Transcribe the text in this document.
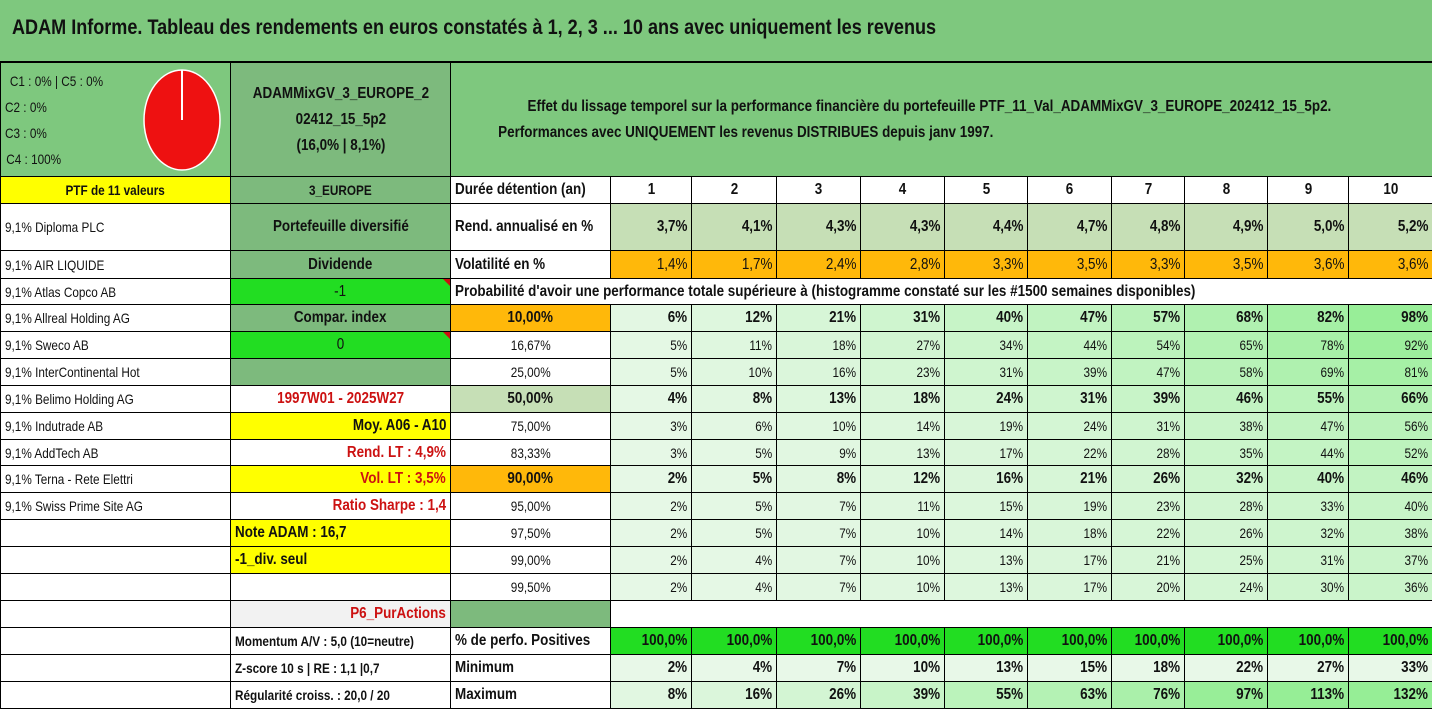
ADAM Informe. Tableau des rendements en euros constatés à 1, 2, 3 ... 10 ans avec uniquement les revenus
C1 : 0% | C5 : 0%
C2 : 0%
C3 : 0%
C4 : 100%
ADAMMixGV_3_EUROPE_2
02412_15_5p2
(16,0% | 8,1%)
Effet du lissage temporel sur la performance financière du portefeuille PTF_11_Val_ADAMMixGV_3_EUROPE_202412_15_5p2.
Performances avec UNIQUEMENT les revenus DISTRIBUES depuis janv 1997.
PTF de 11 valeurs
9,1% Diploma PLC
9,1% AIR LIQUIDE
9,1% Atlas Copco AB
9,1% Allreal Holding AG
9,1% Sweco AB
9,1% InterContinental Hot
9,1% Belimo Holding AG
9,1% Indutrade AB
9,1% AddTech AB
9,1% Terna - Rete Elettri
9,1% Swiss Prime Site AG
3_EUROPE
Portefeuille diversifié
Dividende
-1
Compar. index
0
1997W01 - 2025W27
Moy. A06 - A10
Rend. LT : 4,9%
Vol. LT : 3,5%
Ratio Sharpe : 1,4
Note ADAM : 16,7
-1_div. seul
P6_PurActions
Momentum A/V : 5,0 (10=neutre)
Z-score 10 s | RE : 1,1 |0,7
Régularité croiss. : 20,0 / 20
Durée détention (an)	1	2	3	4	5	6	7	8	9	10
Rend. annualisé en %	3,7%	4,1%	4,3%	4,3%	4,4%	4,7%	4,8%	4,9%	5,0%	5,2%
Volatilité en %	1,4%	1,7%	2,4%	2,8%	3,3%	3,5%	3,3%	3,5%	3,6%	3,6%
Probabilité d'avoir une performance totale supérieure à (histogramme constaté sur les #1500 semaines disponibles)
10,00%	6%	12%	21%	31%	40%	47%	57%	68%	82%	98%
16,67%	5%	11%	18%	27%	34%	44%	54%	65%	78%	92%
25,00%	5%	10%	16%	23%	31%	39%	47%	58%	69%	81%
50,00%	4%	8%	13%	18%	24%	31%	39%	46%	55%	66%
75,00%	3%	6%	10%	14%	19%	24%	31%	38%	47%	56%
83,33%	3%	5%	9%	13%	17%	22%	28%	35%	44%	52%
90,00%	2%	5%	8%	12%	16%	21%	26%	32%	40%	46%
95,00%	2%	5%	7%	11%	15%	19%	23%	28%	33%	40%
97,50%	2%	5%	7%	10%	14%	18%	22%	26%	32%	38%
99,00%	2%	4%	7%	10%	13%	17%	21%	25%	31%	37%
99,50%	2%	4%	7%	10%	13%	17%	20%	24%	30%	36%
% de perfo. Positives	100,0% 100,0% 100,0% 100,0% 100,0% 100,0% 100,0% 100,0% 100,0% 100,0%
Minimum	2%	4%	7%	10%	13%	15%	18%	22%	27%	33%
Maximum	8%	16%	26%	39%	55%	63%	76%	97%	113%	132%
